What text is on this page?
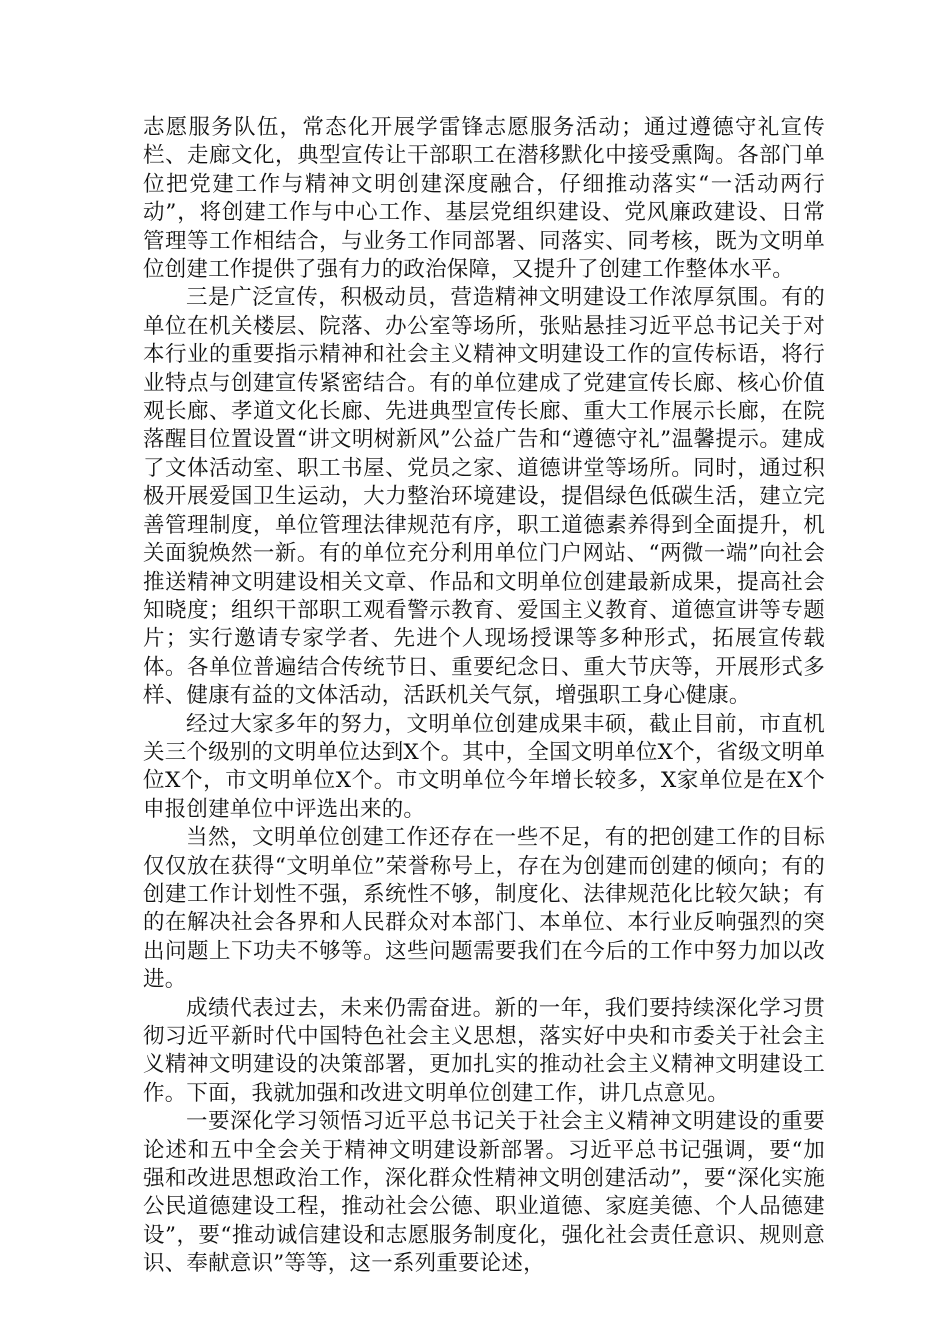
志愿服务队伍，常态化开展学雷锋志愿服务活动；通过遵德守礼宣传栏、走廊文化，典型宣传让干部职工在潜移默化中接受熏陶。各部门单位把党建工作与精神文明创建深度融合，仔细推动落实“一活动两行动”，将创建工作与中心工作、基层党组织建设、党风廉政建设、日常管理等工作相结合，与业务工作同部署、同落实、同考核，既为文明单位创建工作提供了强有力的政治保障，又提升了创建工作整体水平。

三是广泛宣传，积极动员，营造精神文明建设工作浓厚氛围。有的单位在机关楼层、院落、办公室等场所，张贴悬挂习近平总书记关于对本行业的重要指示精神和社会主义精神文明建设工作的宣传标语，将行业特点与创建宣传紧密结合。有的单位建成了党建宣传长廊、核心价值观长廊、孝道文化长廊、先进典型宣传长廊、重大工作展示长廊，在院落醒目位置设置“讲文明树新风”公益广告和“遵德守礼”温馨提示。建成了文体活动室、职工书屋、党员之家、道德讲堂等场所。同时，通过积极开展爱国卫生运动，大力整治环境建设，提倡绿色低碳生活，建立完善管理制度，单位管理法律规范有序，职工道德素养得到全面提升，机关面貌焕然一新。有的单位充分利用单位门户网站、“两微一端”向社会推送精神文明建设相关文章、作品和文明单位创建最新成果，提高社会知晓度；组织干部职工观看警示教育、爱国主义教育、道德宣讲等专题片；实行邀请专家学者、先进个人现场授课等多种形式，拓展宣传载体。各单位普遍结合传统节日、重要纪念日、重大节庆等，开展形式多样、健康有益的文体活动，活跃机关气氛，增强职工身心健康。

经过大家多年的努力，文明单位创建成果丰硕，截止目前，市直机关三个级别的文明单位达到X个。其中，全国文明单位X个，省级文明单位X个，市文明单位X个。市文明单位今年增长较多，X家单位是在X个申报创建单位中评选出来的。

当然，文明单位创建工作还存在一些不足，有的把创建工作的目标仅仅放在获得“文明单位”荣誉称号上，存在为创建而创建的倾向；有的创建工作计划性不强，系统性不够，制度化、法律规范化比较欠缺；有的在解决社会各界和人民群众对本部门、本单位、本行业反响强烈的突出问题上下功夫不够等。这些问题需要我们在今后的工作中努力加以改进。

成绩代表过去，未来仍需奋进。新的一年，我们要持续深化学习贯彻习近平新时代中国特色社会主义思想，落实好中央和市委关于社会主义精神文明建设的决策部署，更加扎实的推动社会主义精神文明建设工作。下面，我就加强和改进文明单位创建工作，讲几点意见。

一要深化学习领悟习近平总书记关于社会主义精神文明建设的重要论述和五中全会关于精神文明建设新部署。习近平总书记强调，要“加强和改进思想政治工作，深化群众性精神文明创建活动”，要“深化实施公民道德建设工程，推动社会公德、职业道德、家庭美德、个人品德建设”，要“推动诚信建设和志愿服务制度化，强化社会责任意识、规则意识、奉献意识”等等，这一系列重要论述，
